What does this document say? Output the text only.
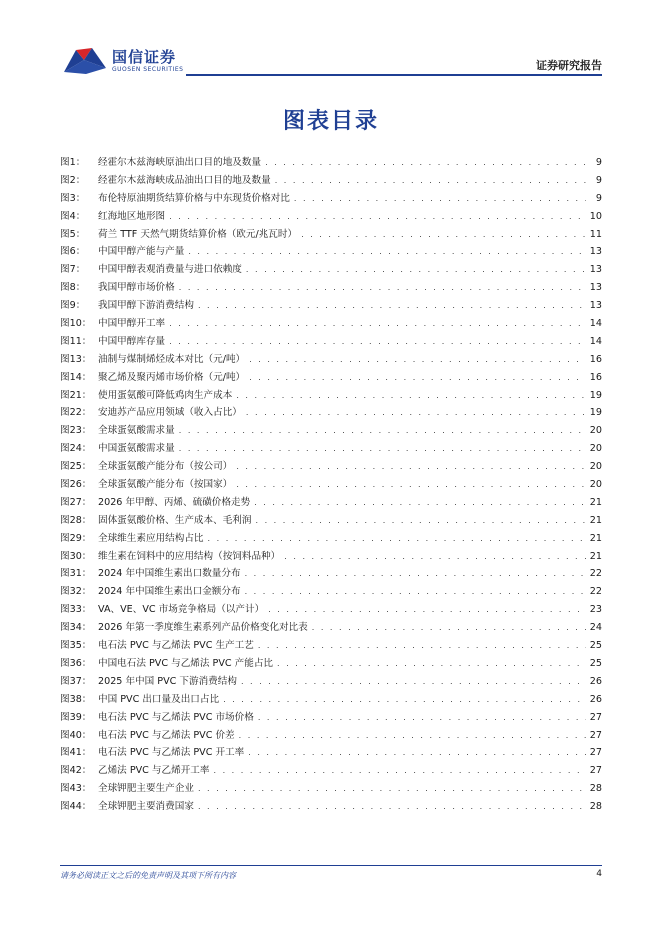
国信证券
GUOSEN SECURITIES	证券研究报告
图表目录
图1：	经霍尔木兹海峡原油出口目的地及数量 . . .	9
图2：	经霍尔木兹海峡成品油出口目的地及数量 . . .	9
图3：	布伦特原油期货结算价格与中东现货价格对比 . . .	9
图4：	红海地区地形图 . . .	10
图5：	荷兰 TTF 天然气期货结算价格（欧元/兆瓦时） . . .	11
图6：	中国甲醇产能与产量 . . .	13
图7：	中国甲醇表观消费量与进口依赖度 . . .	13
图8：	我国甲醇市场价格 . . .	13
图9：	我国甲醇下游消费结构 . . .	13
图10： 中国甲醇开工率 . . .	14
图11： 中国甲醇库存量 . . .	14
图13： 油制与煤制烯烃成本对比（元/吨） . . .	16
图14： 聚乙烯及聚丙烯市场价格（元/吨） . . .	16
图21： 使用蛋氨酸可降低鸡肉生产成本 . . .	19
图22： 安迪苏产品应用领域（收入占比） . . .	19
图23： 全球蛋氨酸需求量 . . .	20
图24： 中国蛋氨酸需求量 . . .	20
图25： 全球蛋氨酸产能分布（按公司） . . .	20
图26： 全球蛋氨酸产能分布（按国家） . . .	20
图27： 2026 年甲醇、丙烯、硫磺价格走势 . . .	21
图28： 固体蛋氨酸价格、生产成本、毛利润 . . .	21
图29： 全球维生素应用结构占比 . . .	21
图30： 维生素在饲料中的应用结构（按饲料品种） . . .	21
图31： 2024 年中国维生素出口数量分布 . . .	22
图32： 2024 年中国维生素出口金额分布 . . .	22
图33： VA、VE、VC 市场竞争格局（以产计） . . .	23
图34： 2026 年第一季度维生素系列产品价格变化对比表 . . .	24
图35： 电石法 PVC 与乙烯法 PVC 生产工艺 . . .	25
图36： 中国电石法 PVC 与乙烯法 PVC 产能占比 . . .	25
图37： 2025 年中国 PVC 下游消费结构 . . .	26
图38： 中国 PVC 出口量及出口占比 . . .	26
图39： 电石法 PVC 与乙烯法 PVC 市场价格 . . .	27
图40： 电石法 PVC 与乙烯法 PVC 价差 . . .	27
图41： 电石法 PVC 与乙烯法 PVC 开工率 . . .	27
图42： 乙烯法 PVC 与乙烯开工率 . . .	27
图43： 全球钾肥主要生产企业 . . .	28
图44： 全球钾肥主要消费国家 . . .	28
请务必阅读正文之后的免责声明及其项下所有内容	4
